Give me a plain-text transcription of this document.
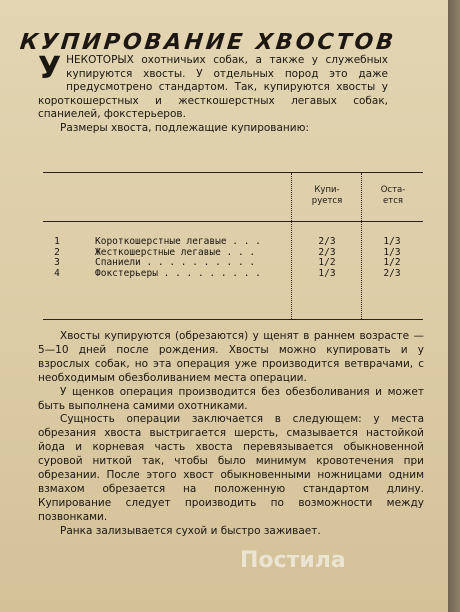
КУПИРОВАНИЕ ХВОСТОВ
У НЕКОТОРЫХ охотничьих собак, а также у служебных купируются хвосты. У отдельных пород это даже предусмотрено стандартом. Так, купируются хвосты у короткошерстных и жесткошерстных легавых собак, спаниелей, фокстерьеров.
Размеры хвоста, подлежащие купированию:
Купи-
руется
Оста-
ется
1	Короткошерстные легавые . . .	2/3	1/3
2	Жесткошерстные легавые . . .	2/3	1/3
3	Спаниели . . . . . . . . . .	1/2	1/2
4	Фокстерьеры . . . . . . . . .	1/3	2/3

Хвосты купируются (обрезаются) у щенят в раннем возрасте — 5—10 дней после рождения. Хвосты можно купировать и у взрослых собак, но эта операция уже производится ветврачами, с необходимым обезболиванием места операции.

У щенков операция производится без обезболивания и может быть выполнена самими охотниками.

Сущность операции заключается в следующем: у места обрезания хвоста выстригается шерсть, смазывается настойкой йода и корневая часть хвоста перевязывается обыкновенной суровой ниткой так, чтобы было минимум кровотечения при обрезании. После этого хвост обыкновенными ножницами одним взмахом обрезается на положенную стандартом длину. Купирование следует производить по возможности между позвонками.

Ранка зализывается сухой и быстро заживает.

Постила
